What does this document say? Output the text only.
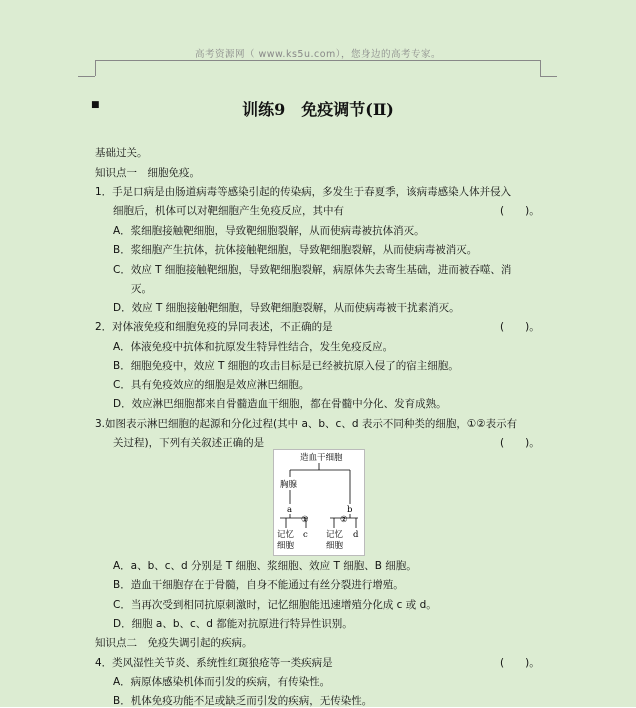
高考资源网（ www.ks5u.com），您身边的高考专家。
■	训练9　免疫调节(Ⅱ)
基础过关。
知识点一　细胞免疫。
1．手足口病是由肠道病毒等感染引起的传染病，多发生于春夏季，该病毒感染人体并侵入
细胞后，机体可以对靶细胞产生免疫反应，其中有	(　　)。
A．浆细胞接触靶细胞，导致靶细胞裂解，从而使病毒被抗体消灭。
B．浆细胞产生抗体，抗体接触靶细胞，导致靶细胞裂解，从而使病毒被消灭。
C．效应 T 细胞接触靶细胞，导致靶细胞裂解，病原体失去寄生基础，进而被吞噬、消
灭。
D．效应 T 细胞接触靶细胞，导致靶细胞裂解，从而使病毒被干扰素消灭。
2．对体液免疫和细胞免疫的异同表述，不正确的是	(　　)。
A．体液免疫中抗体和抗原发生特异性结合，发生免疫反应。
B．细胞免疫中，效应 T 细胞的攻击目标是已经被抗原入侵了的宿主细胞。
C．具有免疫效应的细胞是效应淋巴细胞。
D．效应淋巴细胞都来自骨髓造血干细胞，都在骨髓中分化、发育成熟。
3.如图表示淋巴细胞的起源和分化过程(其中 a、b、c、d 表示不同种类的细胞，①②表示有
关过程)，下列有关叙述正确的是	(　　)。
造血干细胞
胸腺
a	b
①	②
c	d
记忆
细胞
记忆
细胞
A．a、b、c、d 分别是 T 细胞、浆细胞、效应 T 细胞、B 细胞。
B．造血干细胞存在于骨髓，自身不能通过有丝分裂进行增殖。
C．当再次受到相同抗原刺激时，记忆细胞能迅速增殖分化成 c 或 d。
D．细胞 a、b、c、d 都能对抗原进行特异性识别。
知识点二　免疫失调引起的疾病。
4．类风湿性关节炎、系统性红斑狼疮等一类疾病是	(　　)。
A．病原体感染机体而引发的疾病，有传染性。
B．机体免疫功能不足或缺乏而引发的疾病，无传染性。
